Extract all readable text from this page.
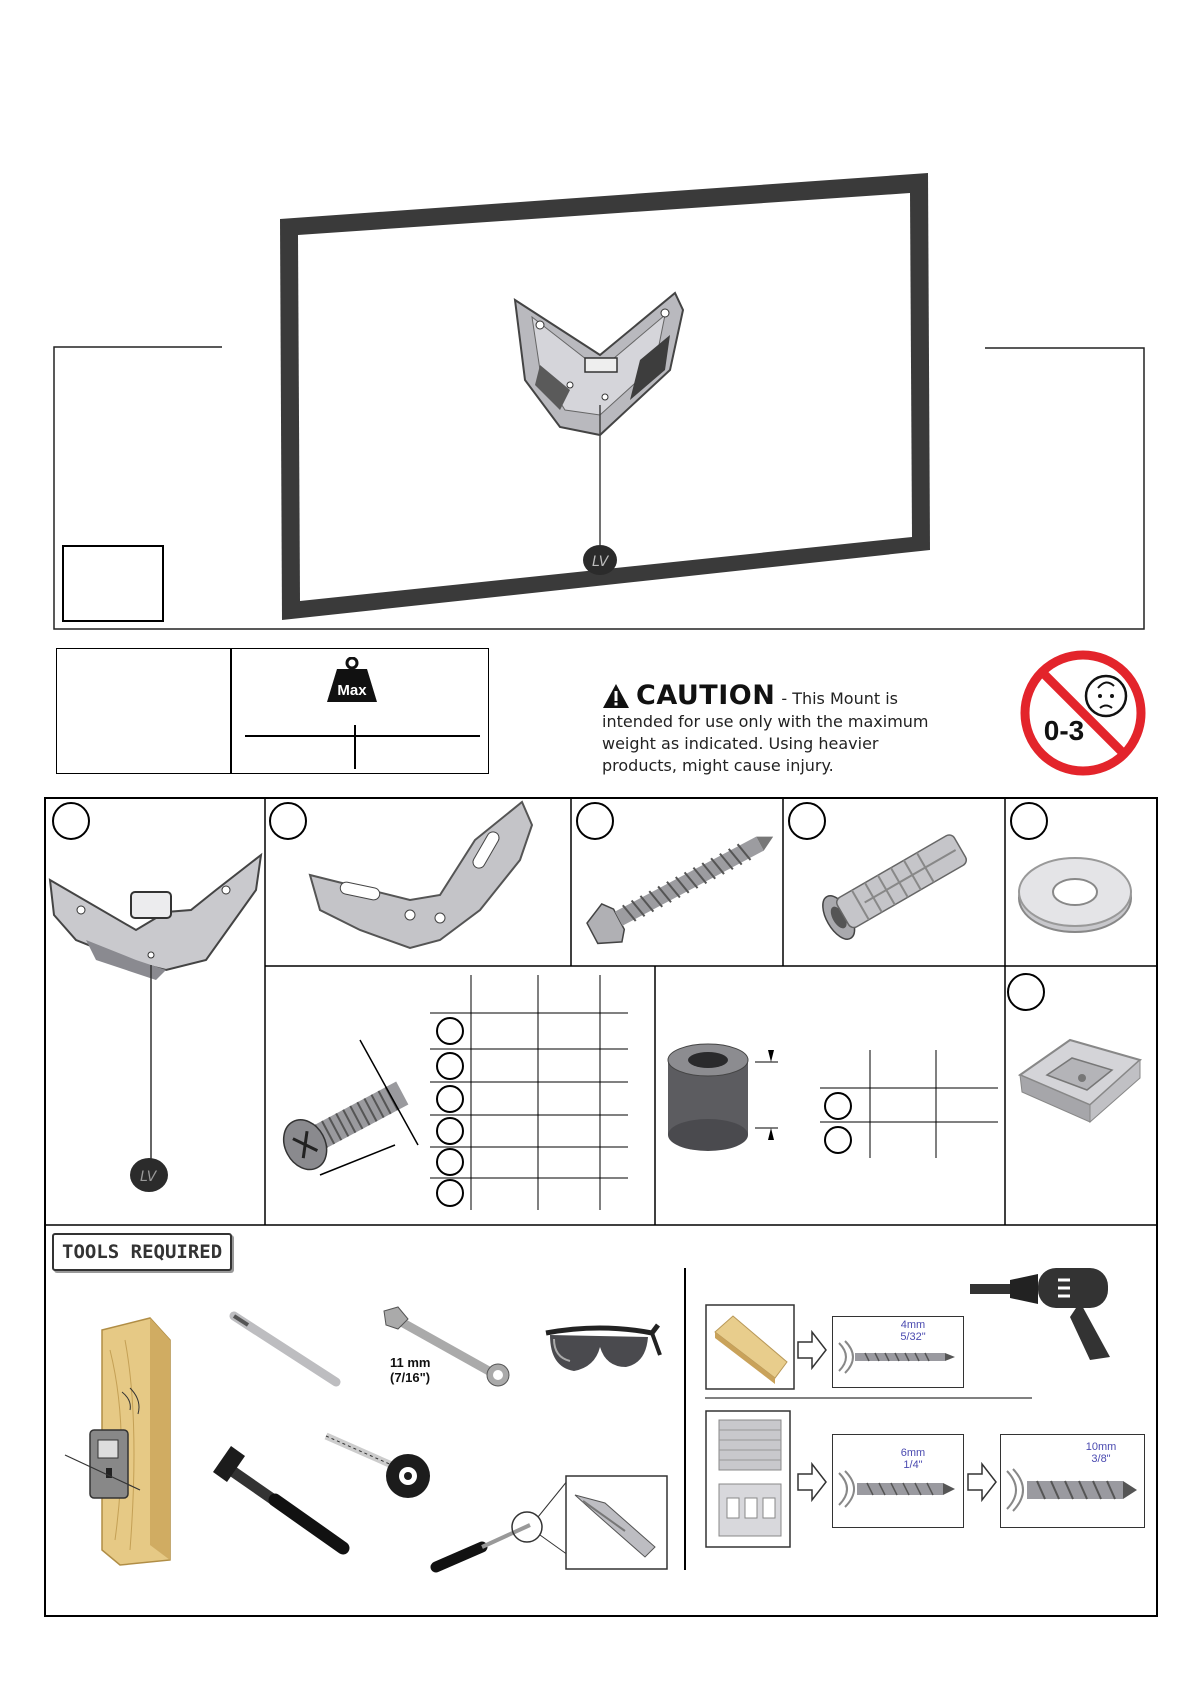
LV
Max	CAUTION - This Mount is
intended for use only with the maximum
weight as indicated. Using heavier
products, might cause injury.
0-3
LV
TOOLS REQUIRED
11 mm
(7/16")
4mm
5/32"
6mm
1/4"
10mm
3/8"
